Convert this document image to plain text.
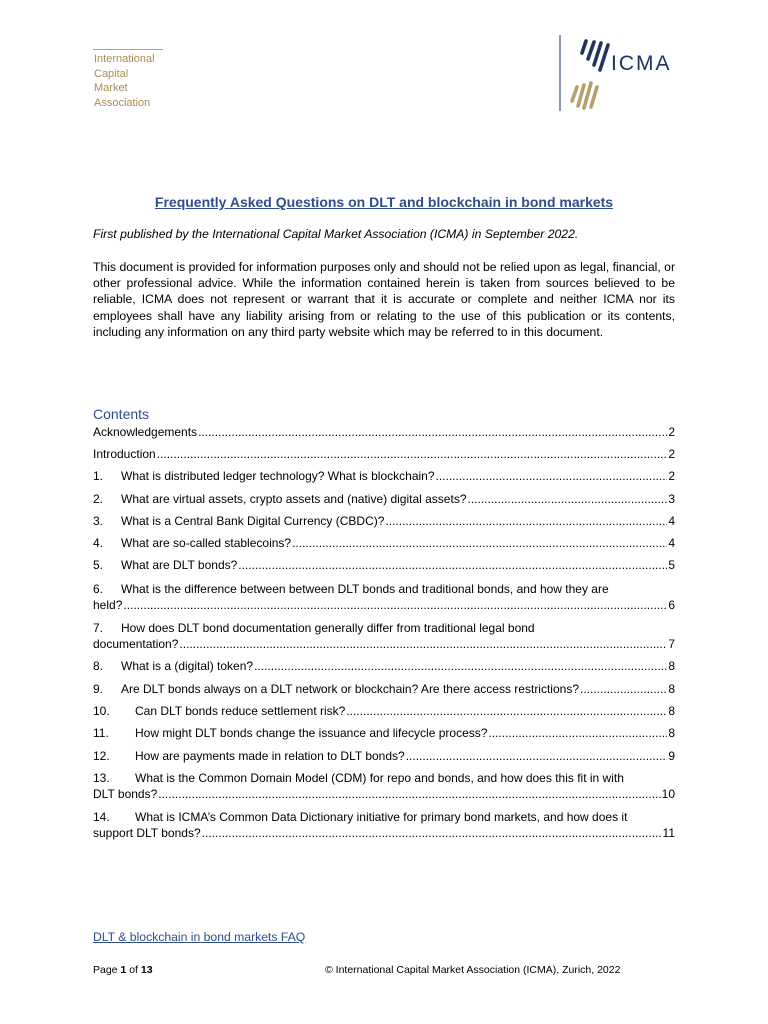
International
Capital
Market
Association
ICMA
Frequently Asked Questions on DLT and blockchain in bond markets
First published by the International Capital Market Association (ICMA) in September 2022.
This document is provided for information purposes only and should not be relied upon as legal, financial, or other professional advice. While the information contained herein is taken from sources believed to be reliable, ICMA does not represent or warrant that it is accurate or complete and neither ICMA nor its employees shall have any liability arising from or relating to the use of this publication or its contents, including any information on any third party website which may be referred to in this document.
Contents
Acknowledgements .....	2
Introduction .....	2
1.	What is distributed ledger technology? What is blockchain? .....	2
2.	What are virtual assets, crypto assets and (native) digital assets? .....	3
3.	What is a Central Bank Digital Currency (CBDC)? .....	4
4.	What are so-called stablecoins? .....	4
5.	What are DLT bonds? .....	5
6.	What is the difference between between DLT bonds and traditional bonds, and how they are
held? .....	6
7.	How does DLT bond documentation generally differ from traditional legal bond
documentation? .....	7
8.	What is a (digital) token? .....	8
9.	Are DLT bonds always on a DLT network or blockchain? Are there access restrictions? .....	8
10.	Can DLT bonds reduce settlement risk? .....	8
11.	How might DLT bonds change the issuance and lifecycle process? .....	8
12.	How are payments made in relation to DLT bonds? .....	9
13.	What is the Common Domain Model (CDM) for repo and bonds, and how does this fit in with
DLT bonds? .....	10
14.	What is ICMA’s Common Data Dictionary initiative for primary bond markets, and how does it
support DLT bonds? .....	11
DLT & blockchain in bond markets FAQ
Page 1 of 13	© International Capital Market Association (ICMA), Zurich, 2022
